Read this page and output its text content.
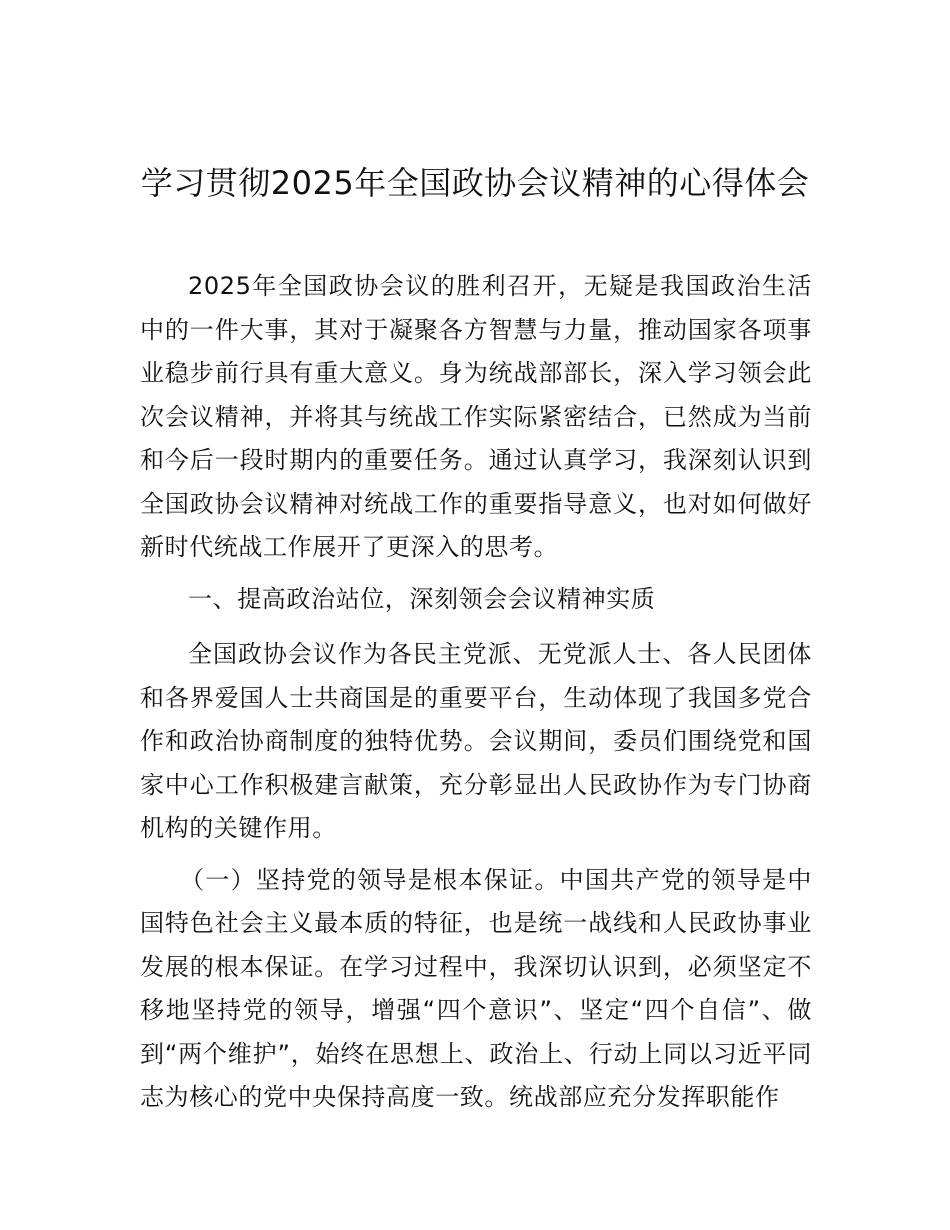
学习贯彻2025年全国政协会议精神的心得体会

2025年全国政协会议的胜利召开，无疑是我国政治生活中的一件大事，其对于凝聚各方智慧与力量，推动国家各项事业稳步前行具有重大意义。身为统战部部长，深入学习领会此次会议精神，并将其与统战工作实际紧密结合，已然成为当前和今后一段时期内的重要任务。通过认真学习，我深刻认识到全国政协会议精神对统战工作的重要指导意义，也对如何做好新时代统战工作展开了更深入的思考。

一、提高政治站位，深刻领会会议精神实质

全国政协会议作为各民主党派、无党派人士、各人民团体和各界爱国人士共商国是的重要平台，生动体现了我国多党合作和政治协商制度的独特优势。会议期间，委员们围绕党和国家中心工作积极建言献策，充分彰显出人民政协作为专门协商机构的关键作用。

（一）坚持党的领导是根本保证。中国共产党的领导是中国特色社会主义最本质的特征，也是统一战线和人民政协事业发展的根本保证。在学习过程中，我深切认识到，必须坚定不移地坚持党的领导，增强“四个意识”、坚定“四个自信”、做到“两个维护”，始终在思想上、政治上、行动上同以习近平同志为核心的党中央保持高度一致。统战部应充分发挥职能作
